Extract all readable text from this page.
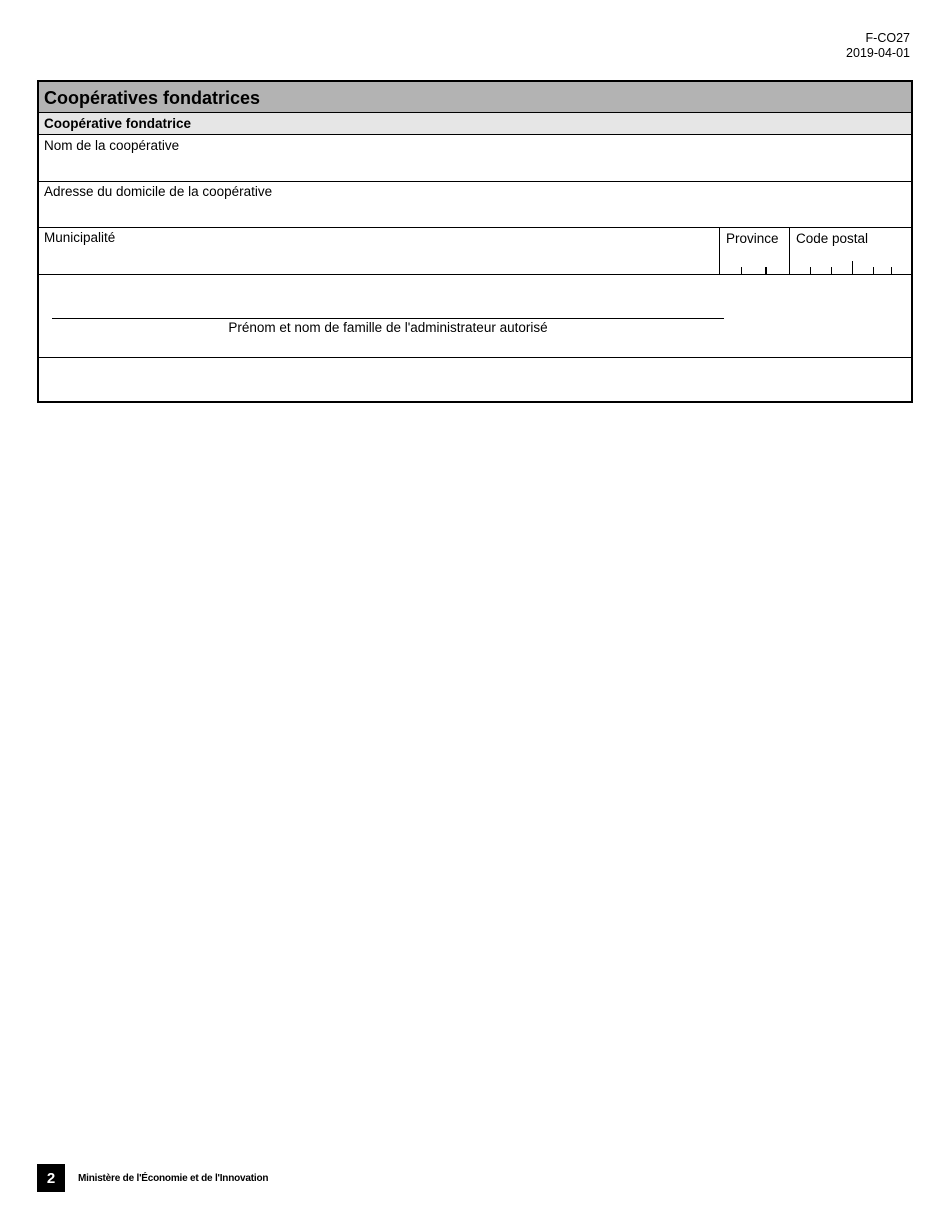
F-CO27
2019-04-01
Coopératives fondatrices
Coopérative fondatrice
Nom de la coopérative
Adresse du domicile de la coopérative
Municipalité	Province Code postal
Prénom et nom de famille de l'administrateur autorisé
2	Ministère de l'Économie et de l'Innovation
